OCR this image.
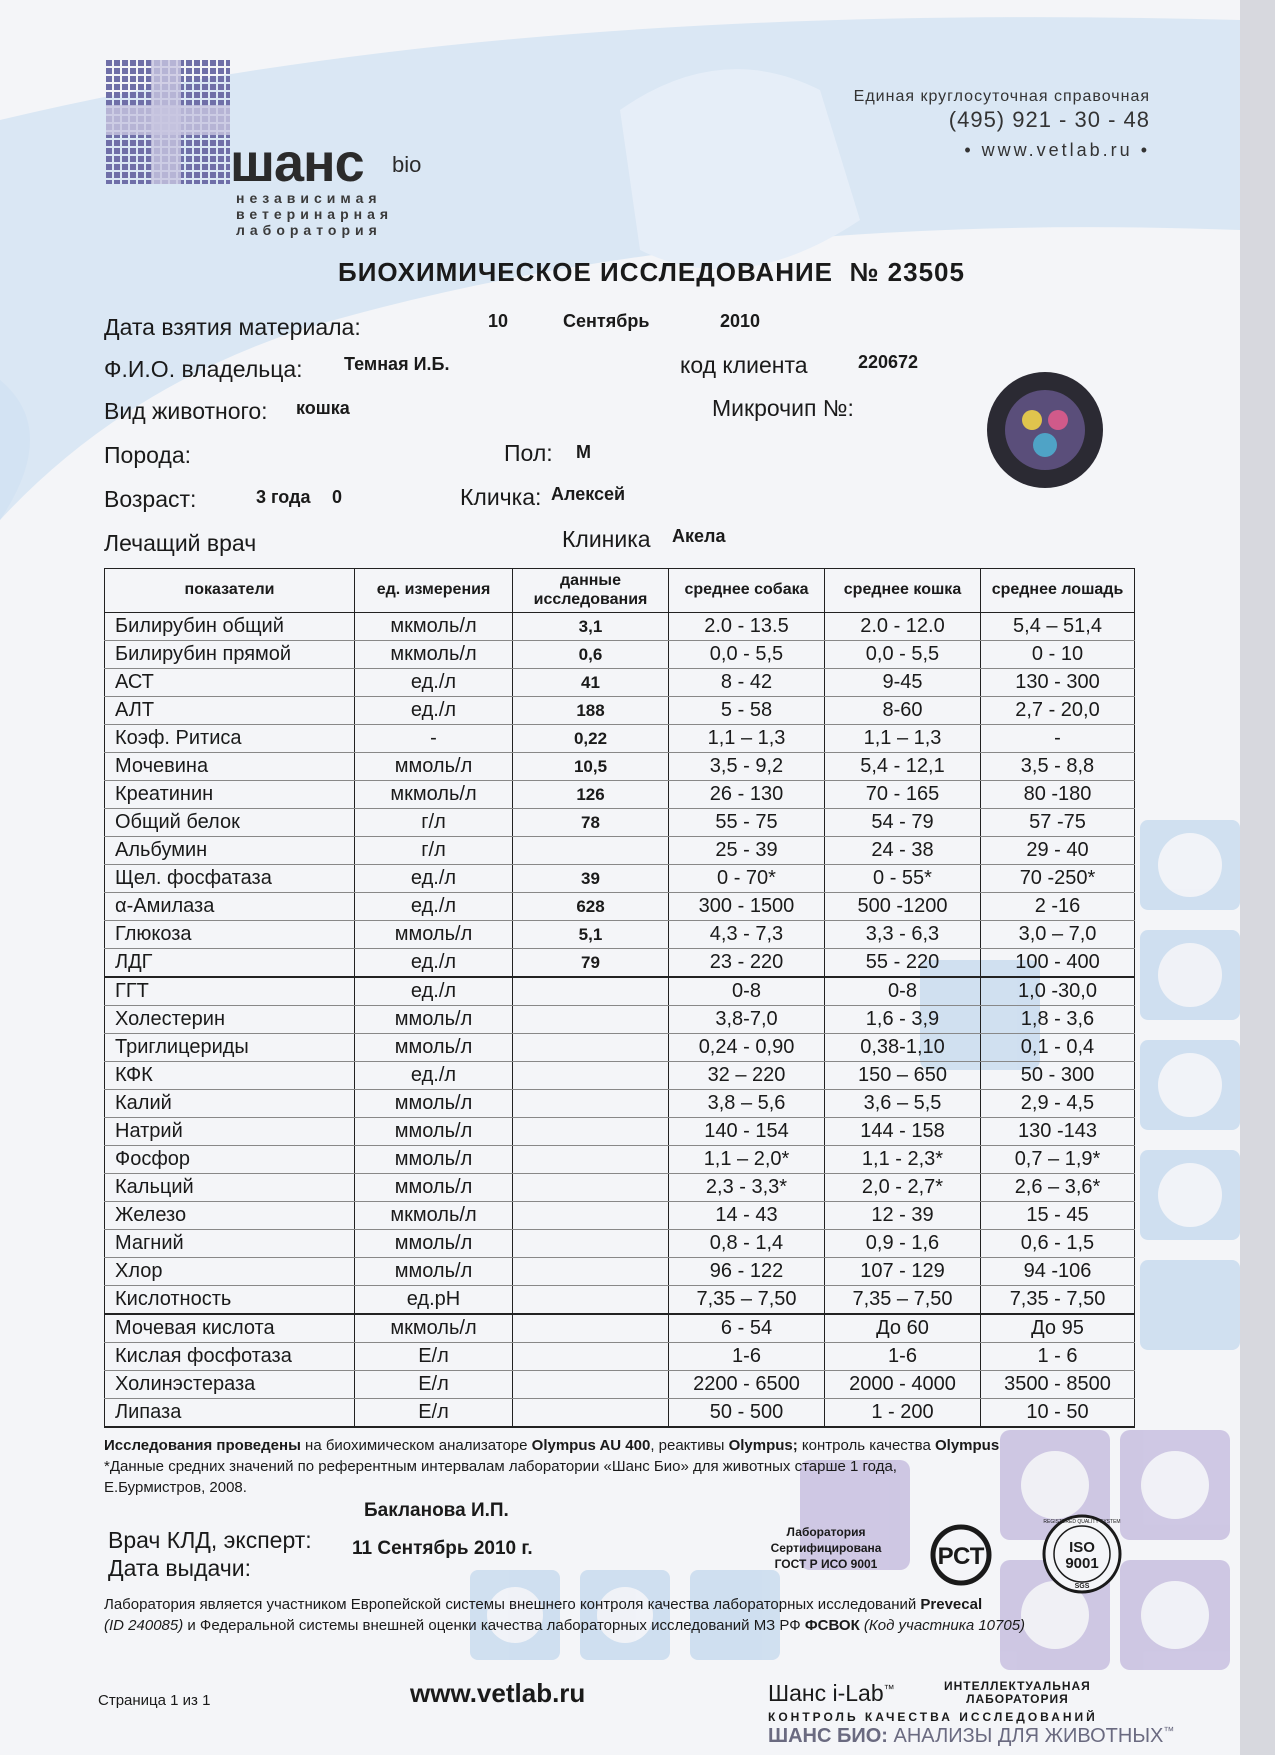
шанс bio
независимая
ветеринарная
лаборатория
Единая круглосуточная справочная
(495) 921 - 30 - 48
• www.vetlab.ru •
БИОХИМИЧЕСКОЕ ИССЛЕДОВАНИЕ № 23505
Дата взятия материала:	10	Сентябрь	2010
Ф.И.О. владельца: Темная И.Б.	код клиента	220672
Вид животного: кошка	Микрочип №:
Порода:	Пол: М
Возраст:	3 года 0	Кличка: Алексей
Лечащий врач	Клиника Акела
показатели	ед. измерения	данные исследования	среднее собака	среднее кошка	среднее лошадь
Билирубин общий	мкмоль/л	3,1	2.0 - 13.5	2.0 - 12.0	5,4 – 51,4
Билирубин прямой	мкмоль/л	0,6	0,0 - 5,5	0,0 - 5,5	0 - 10
АСТ	ед./л	41	8 - 42	9-45	130 - 300
АЛТ	ед./л	188	5 - 58	8-60	2,7 - 20,0
Коэф. Ритиса	-	0,22	1,1 – 1,3	1,1 – 1,3	-
Мочевина	ммоль/л	10,5	3,5 - 9,2	5,4 - 12,1	3,5 - 8,8
Креатинин	мкмоль/л	126	26 - 130	70 - 165	80 -180
Общий белок	г/л	78	55 - 75	54 - 79	57 -75
Альбумин	г/л		25 - 39	24 - 38	29 - 40
Щел. фосфатаза	ед./л	39	0 - 70*	0 - 55*	70 -250*
α-Амилаза	ед./л	628	300 - 1500	500 -1200	2 -16
Глюкоза	ммоль/л	5,1	4,3 - 7,3	3,3 - 6,3	3,0 – 7,0
ЛДГ	ед./л	79	23 - 220	55 - 220	100 - 400
ГГТ	ед./л		0-8	0-8	1,0 -30,0
Холестерин	ммоль/л		3,8-7,0	1,6 - 3,9	1,8 - 3,6
Триглицериды	ммоль/л		0,24 - 0,90	0,38-1,10	0,1 - 0,4
КФК	ед./л		32 – 220	150 – 650	50 - 300
Калий	ммоль/л		3,8 – 5,6	3,6 – 5,5	2,9 - 4,5
Натрий	ммоль/л		140 - 154	144 - 158	130 -143
Фосфор	ммоль/л		1,1 – 2,0*	1,1 - 2,3*	0,7 – 1,9*
Кальций	ммоль/л		2,3 - 3,3*	2,0 - 2,7*	2,6 – 3,6*
Железо	мкмоль/л		14 - 43	12 - 39	15 - 45
Магний	ммоль/л		0,8 - 1,4	0,9 - 1,6	0,6 - 1,5
Хлор	ммоль/л		96 - 122	107 - 129	94 -106
Кислотность	ед.pH		7,35 – 7,50	7,35 – 7,50	7,35 - 7,50
Мочевая кислота	мкмоль/л		6 - 54	До 60	До 95
Кислая фосфотаза	Е/л		1-6	1-6	1 - 6
Холинэстераза	Е/л		2200 - 6500	2000 - 4000	3500 - 8500
Липаза	Е/л		50 - 500	1 - 200	10 - 50
Исследования проведены на биохимическом анализаторе Olympus AU 400, реактивы Olympus; контроль качества Olympus
*Данные средних значений по референтным интервалам лаборатории «Шанс Био» для животных старше 1 года,
Е.Бурмистров, 2008.
Бакланова И.П.
Врач КЛД, эксперт:
Дата выдачи:
11 Сентябрь 2010 г.
Лаборатория
Сертифицирована
ГОСТ Р ИСО 9001	РСТ
REGISTERED QUALITY SYSTEM
ISO
9001
SGS
Лаборатория является участником Европейской системы внешнего контроля качества лабораторных исследований Prevecal
(ID 240085) и Федеральной системы внешней оценки качества лабораторных исследований МЗ РФ ФСВОК (Код участника 10705)
Страница 1 из 1	www.vetlab.ru	Шанс i-Lab™	ИНТЕЛЛЕКТУАЛЬНАЯ
ЛАБОРАТОРИЯ
КОНТРОЛЬ КАЧЕСТВА ИССЛЕДОВАНИЙ
ШАНС БИО: АНАЛИЗЫ ДЛЯ ЖИВОТНЫХ™
